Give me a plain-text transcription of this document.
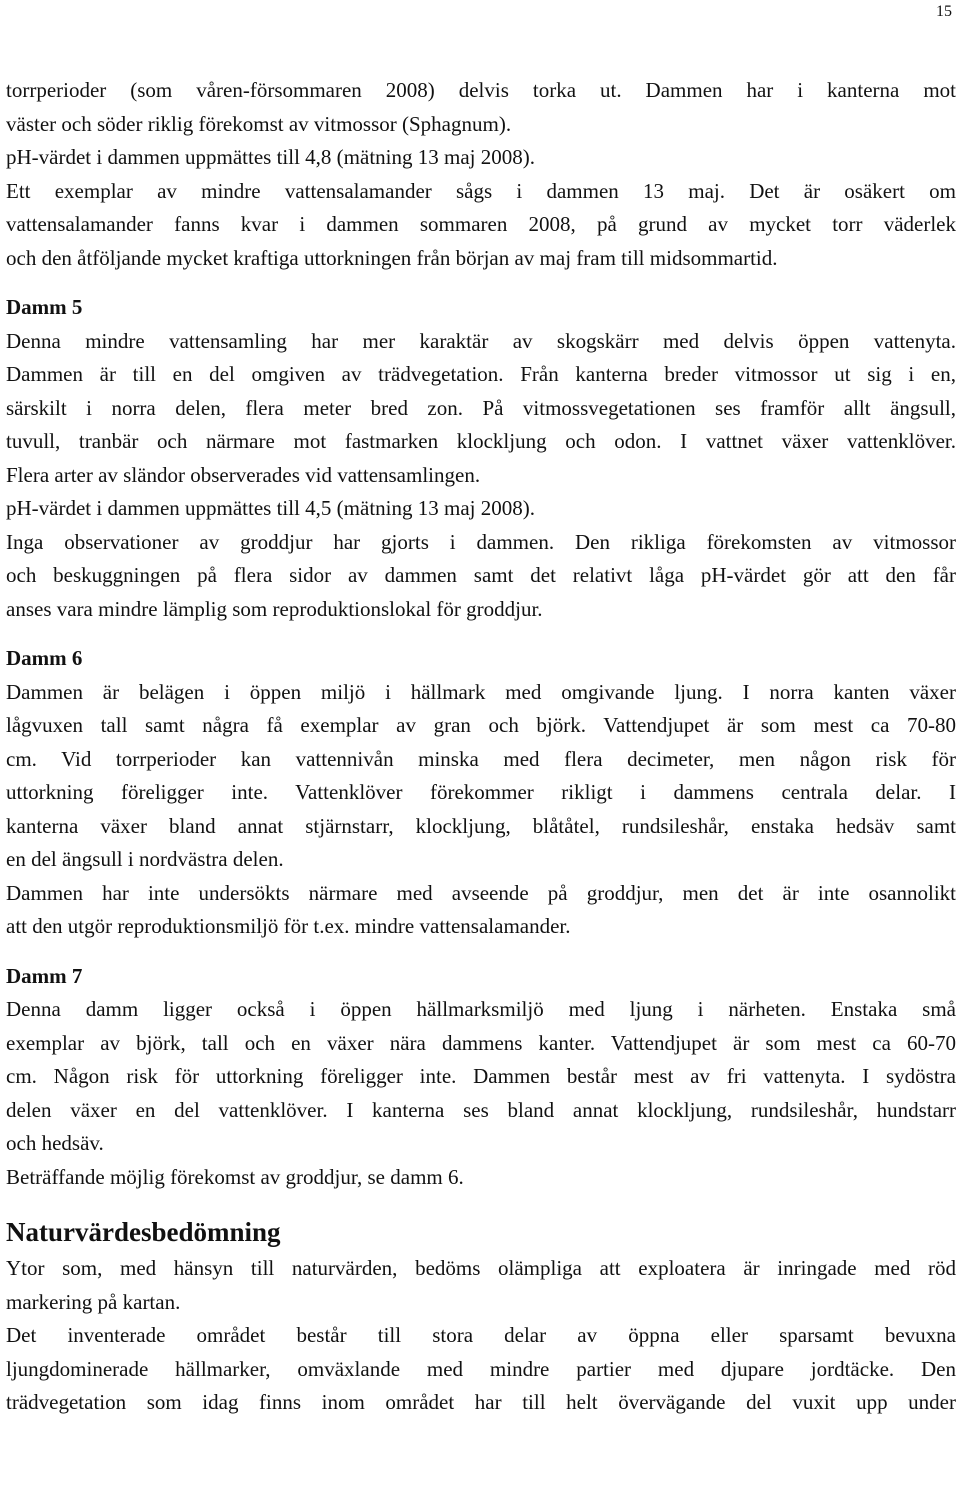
15
torrperioder (som våren-försommaren 2008) delvis torka ut. Dammen har i kanterna mot
väster och söder riklig förekomst av vitmossor (Sphagnum).
pH-värdet i dammen uppmättes till 4,8 (mätning 13 maj 2008).
Ett exemplar av mindre vattensalamander sågs i dammen 13 maj. Det är osäkert om
vattensalamander fanns kvar i dammen sommaren 2008, på grund av mycket torr väderlek
och den åtföljande mycket kraftiga uttorkningen från början av maj fram till midsommartid.
Damm 5
Denna mindre vattensamling har mer karaktär av skogskärr med delvis öppen vattenyta.
Dammen är till en del omgiven av trädvegetation. Från kanterna breder vitmossor ut sig i en,
särskilt i norra delen, flera meter bred zon. På vitmossvegetationen ses framför allt ängsull,
tuvull, tranbär och närmare mot fastmarken klockljung och odon. I vattnet växer vattenklöver.
Flera arter av sländor observerades vid vattensamlingen.
pH-värdet i dammen uppmättes till 4,5 (mätning 13 maj 2008).
Inga observationer av groddjur har gjorts i dammen. Den rikliga förekomsten av vitmossor
och beskuggningen på flera sidor av dammen samt det relativt låga pH-värdet gör att den får
anses vara mindre lämplig som reproduktionslokal för groddjur.
Damm 6
Dammen är belägen i öppen miljö i hällmark med omgivande ljung. I norra kanten växer
lågvuxen tall samt några få exemplar av gran och björk. Vattendjupet är som mest ca 70-80
cm. Vid torrperioder kan vattennivån minska med flera decimeter, men någon risk för
uttorkning föreligger inte. Vattenklöver förekommer rikligt i dammens centrala delar. I
kanterna växer bland annat stjärnstarr, klockljung, blåtåtel, rundsileshår, enstaka hedsäv samt
en del ängsull i nordvästra delen.
Dammen har inte undersökts närmare med avseende på groddjur, men det är inte osannolikt
att den utgör reproduktionsmiljö för t.ex. mindre vattensalamander.
Damm 7
Denna damm ligger också i öppen hällmarksmiljö med ljung i närheten. Enstaka små
exemplar av björk, tall och en växer nära dammens kanter. Vattendjupet är som mest ca 60-70
cm. Någon risk för uttorkning föreligger inte. Dammen består mest av fri vattenyta. I sydöstra
delen växer en del vattenklöver. I kanterna ses bland annat klockljung, rundsileshår, hundstarr
och hedsäv.
Beträffande möjlig förekomst av groddjur, se damm 6.
Naturvärdesbedömning
Ytor som, med hänsyn till naturvärden, bedöms olämpliga att exploatera är inringade med röd
markering på kartan.
Det inventerade området består till stora delar av öppna eller sparsamt bevuxna
ljungdominerade hällmarker, omväxlande med mindre partier med djupare jordtäcke. Den
trädvegetation som idag finns inom området har till helt övervägande del vuxit upp under
